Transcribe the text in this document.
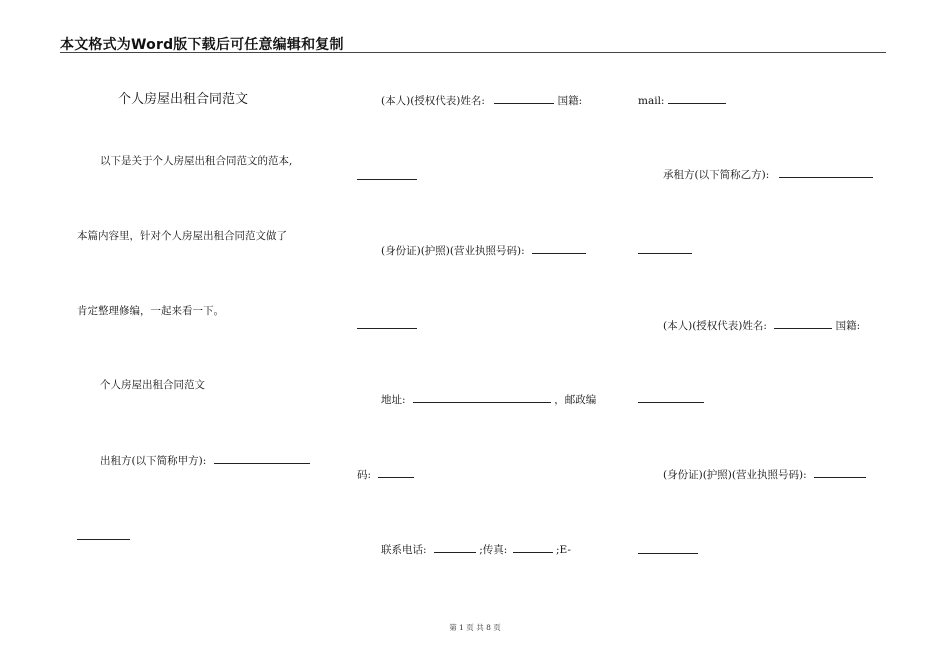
本文格式为Word版下载后可任意编辑和复制
个人房屋出租合同范文
以下是关于个人房屋出租合同范文的范本,
本篇内容里，针对个人房屋出租合同范文做了
肯定整理修编，一起来看一下。
个人房屋出租合同范文
出租方(以下简称甲方):
(本人)(授权代表)姓名:	国籍:
(身份证)(护照)(营业执照号码):
地址:	，邮政编
码:
联系电话:	;传真:	;E-
mail:
承租方(以下简称乙方):
(本人)(授权代表)姓名:	国籍:
(身份证)(护照)(营业执照号码):
第 1 页 共 8 页
